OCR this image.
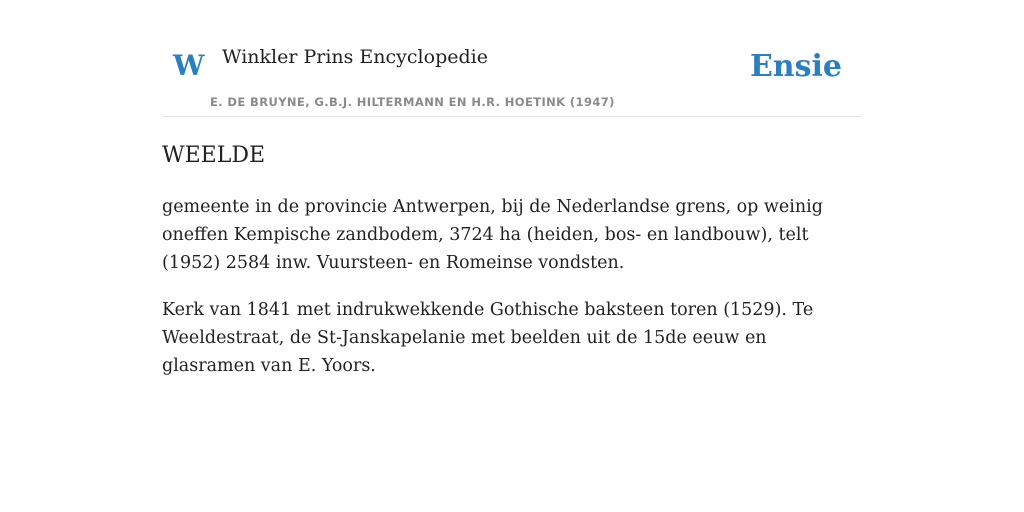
W Winkler Prins Encyclopedie
E. DE BRUYNE, G.B.J. HILTERMANN EN H.R. HOETINK (1947)
Ensie
WEELDE

gemeente in de provincie Antwerpen, bij de Nederlandse grens, op weinig oneffen Kempische zandbodem, 3724 ha (heiden, bos- en landbouw), telt (1952) 2584 inw. Vuursteen- en Romeinse vondsten.

Kerk van 1841 met indrukwekkende Gothische baksteen toren (1529). Te Weeldestraat, de St-Janskapelanie met beelden uit de 15de eeuw en glasramen van E. Yoors.
